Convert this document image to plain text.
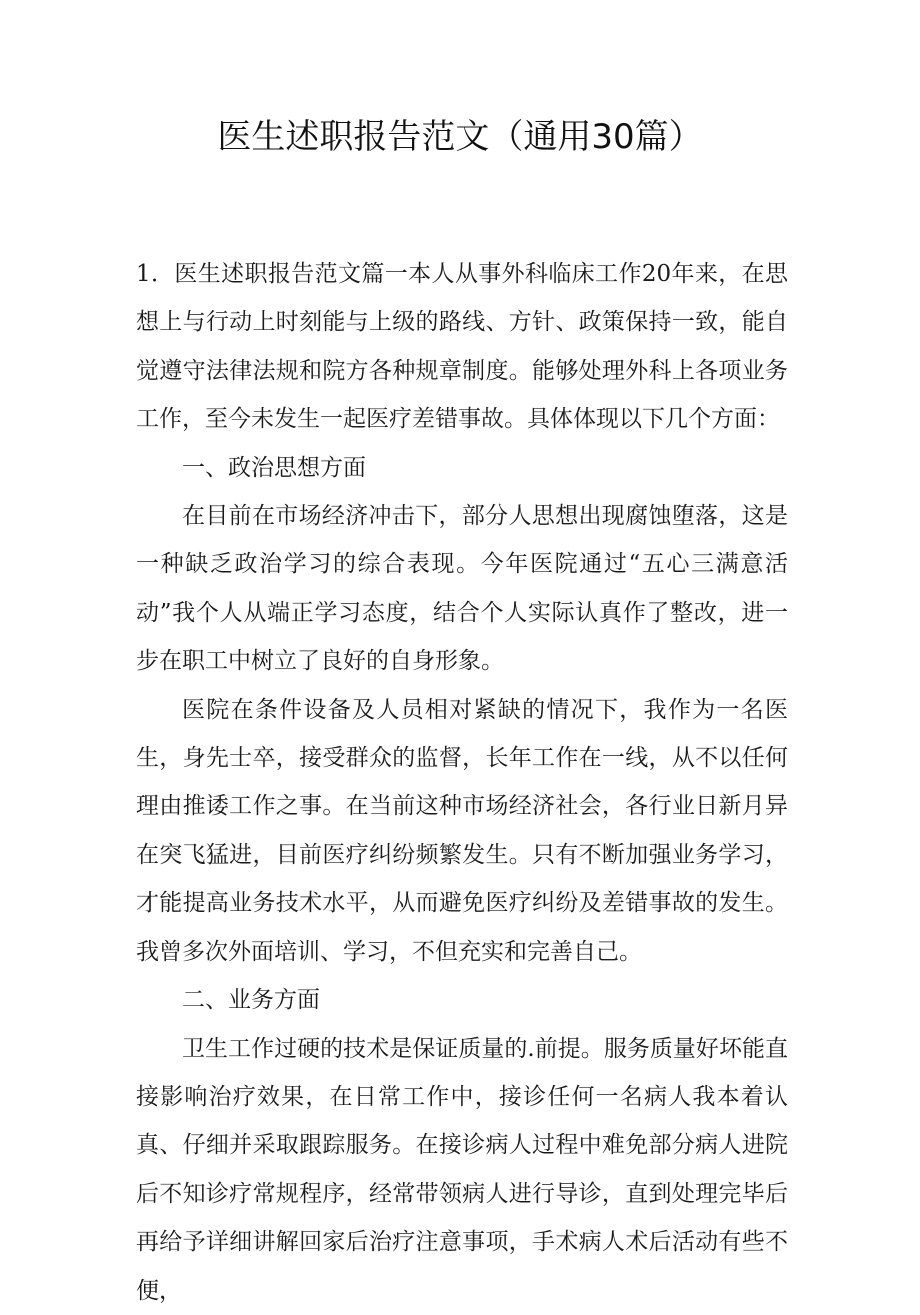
医生述职报告范文（通用30篇）

1．医生述职报告范文篇一本人从事外科临床工作20年来，在思想上与行动上时刻能与上级的路线、方针、政策保持一致，能自觉遵守法律法规和院方各种规章制度。能够处理外科上各项业务工作，至今未发生一起医疗差错事故。具体体现以下几个方面：

一、政治思想方面

在目前在市场经济冲击下，部分人思想出现腐蚀堕落，这是一种缺乏政治学习的综合表现。今年医院通过“五心三满意活动”我个人从端正学习态度，结合个人实际认真作了整改，进一步在职工中树立了良好的自身形象。

医院在条件设备及人员相对紧缺的情况下，我作为一名医生，身先士卒，接受群众的监督，长年工作在一线，从不以任何理由推诿工作之事。在当前这种市场经济社会，各行业日新月异在突飞猛进，目前医疗纠纷频繁发生。只有不断加强业务学习，才能提高业务技术水平，从而避免医疗纠纷及差错事故的发生。我曾多次外面培训、学习，不但充实和完善自己。

二、业务方面

卫生工作过硬的技术是保证质量的.前提。服务质量好坏能直接影响治疗效果，在日常工作中，接诊任何一名病人我本着认真、仔细并采取跟踪服务。在接诊病人过程中难免部分病人进院后不知诊疗常规程序，经常带领病人进行导诊，直到处理完毕后再给予详细讲解回家后治疗注意事项，手术病人术后活动有些不便，
